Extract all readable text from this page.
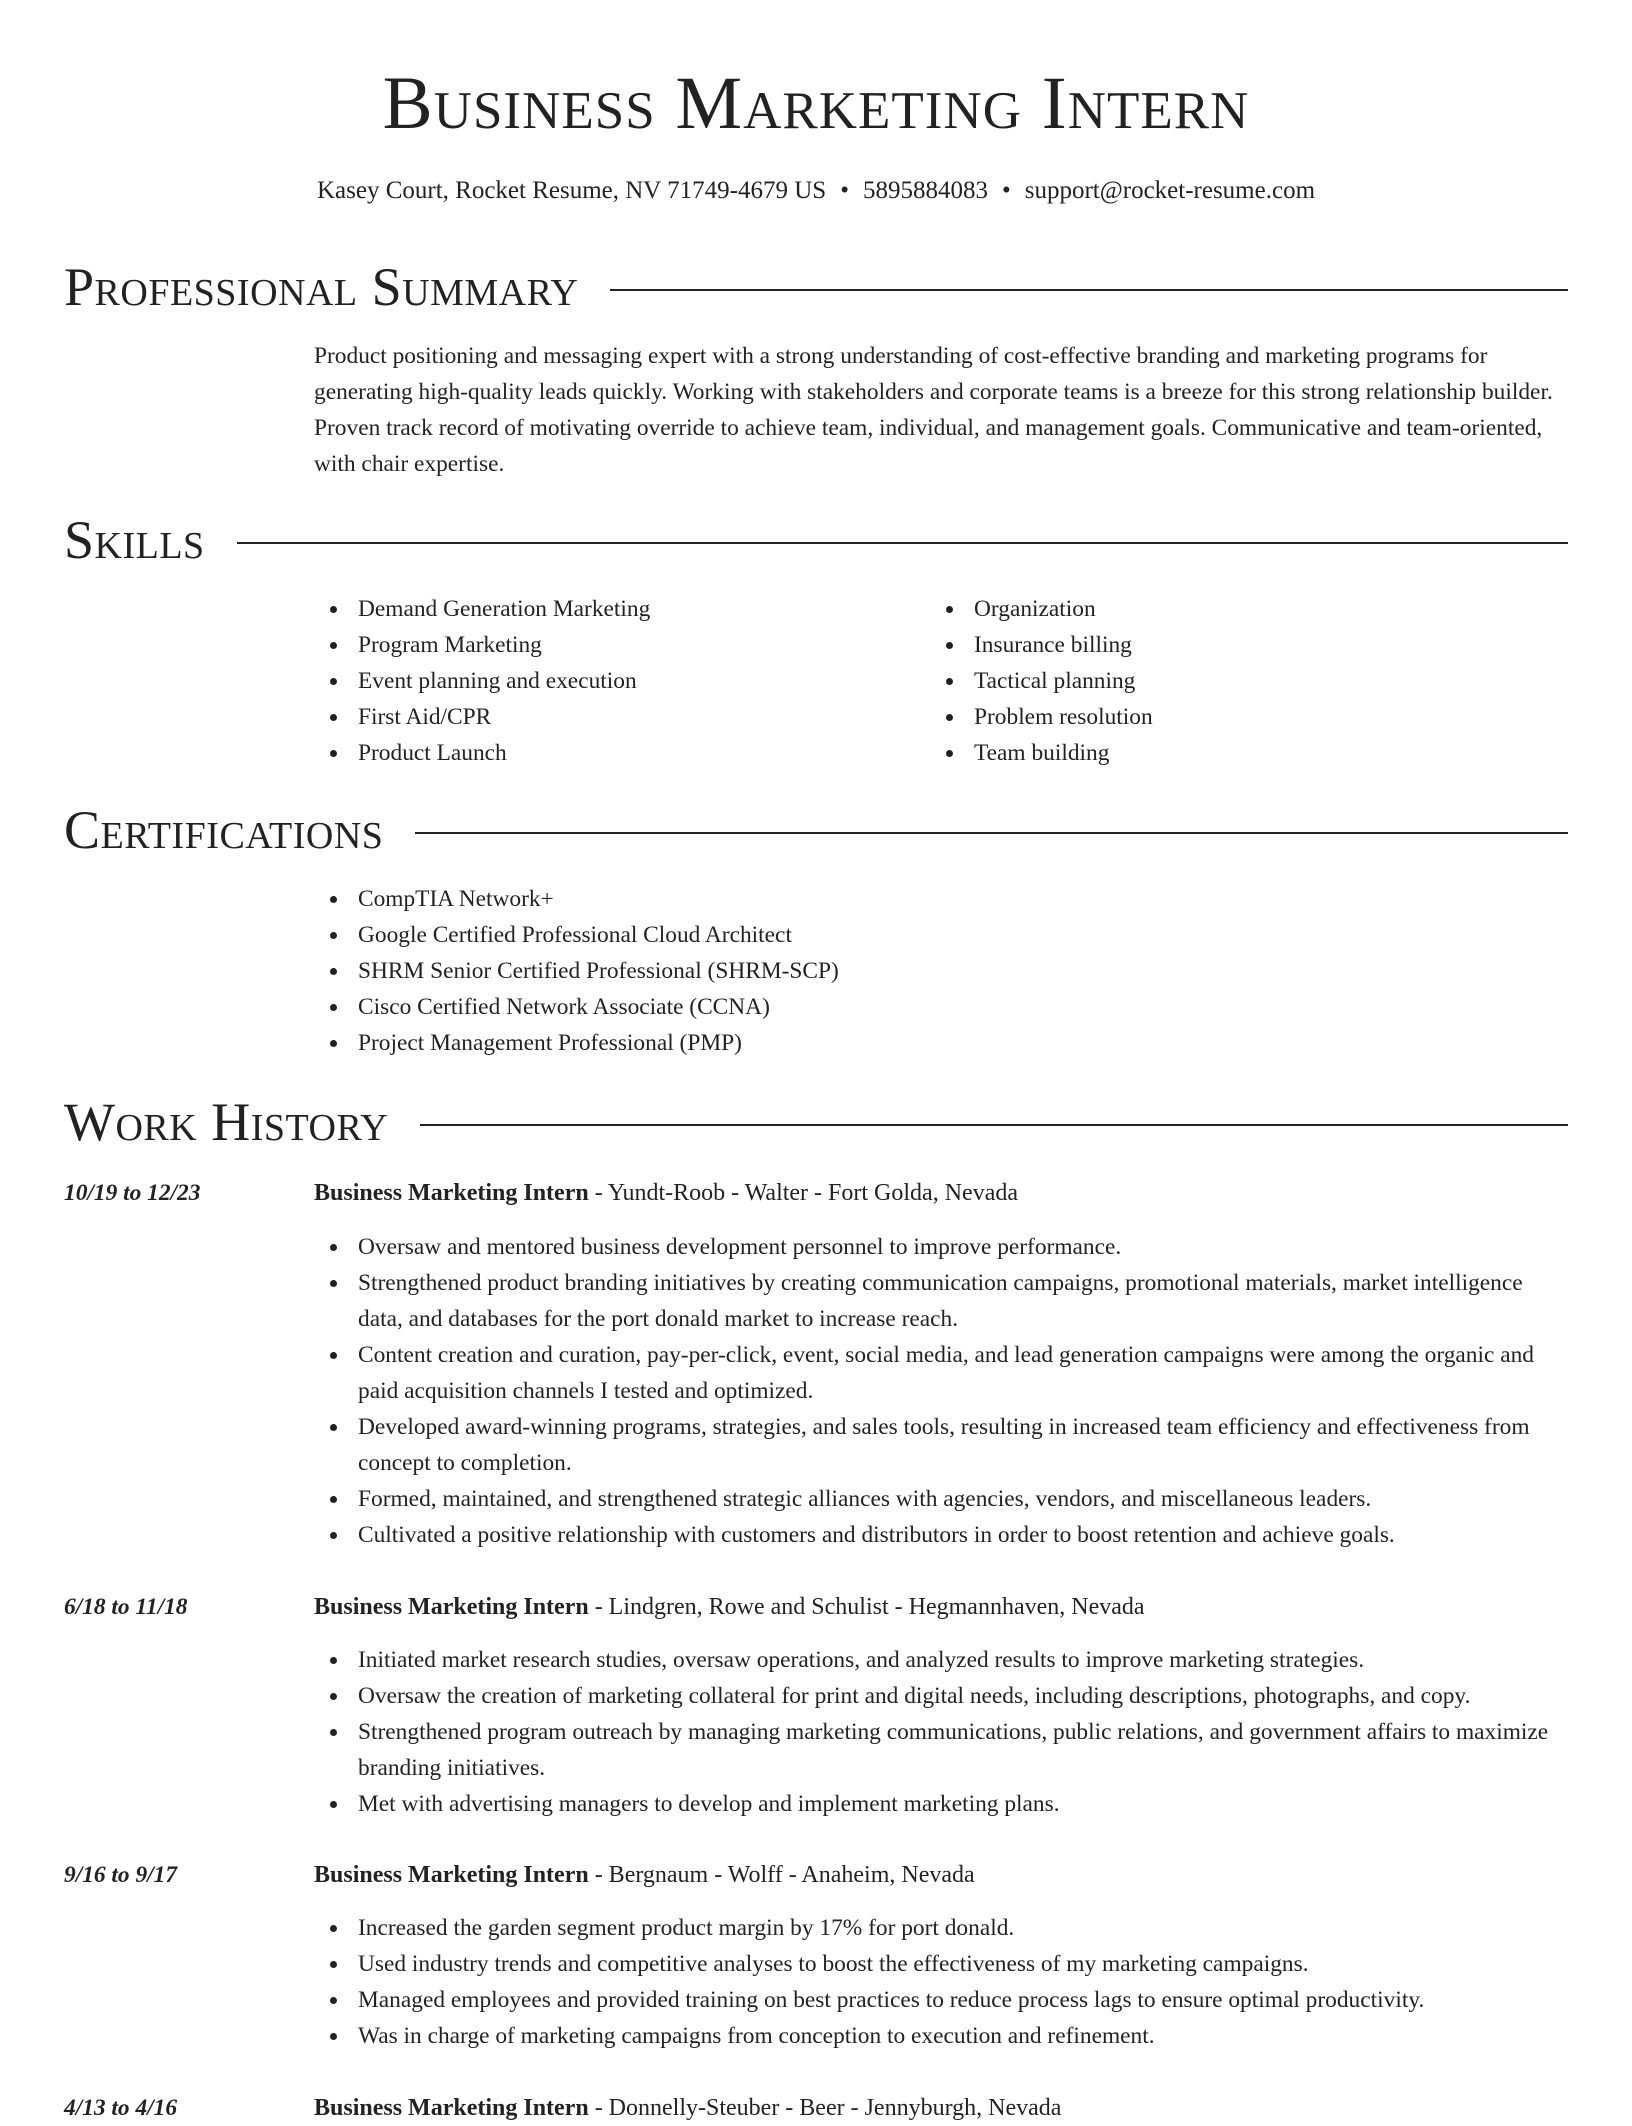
Business Marketing Intern
Kasey Court, Rocket Resume, NV 71749-4679 US • 5895884083 • support@rocket-resume.com
Professional Summary

Product positioning and messaging expert with a strong understanding of cost-effective branding and marketing programs for generating high-quality leads quickly. Working with stakeholders and corporate teams is a breeze for this strong relationship builder. Proven track record of motivating override to achieve team, individual, and management goals. Communicative and team-oriented, with chair expertise.

Skills
Demand Generation Marketing
Program Marketing
Event planning and execution
First Aid/CPR
Product Launch
Organization
Insurance billing
Tactical planning
Problem resolution
Team building
Certifications
CompTIA Network+
Google Certified Professional Cloud Architect
SHRM Senior Certified Professional (SHRM-SCP)
Cisco Certified Network Associate (CCNA)
Project Management Professional (PMP)
Work History
10/19 to 12/23	Business Marketing Intern - Yundt-Roob - Walter - Fort Golda, Nevada
Oversaw and mentored business development personnel to improve performance.
Strengthened product branding initiatives by creating communication campaigns, promotional materials, market intelligence data, and databases for the port donald market to increase reach.
Content creation and curation, pay-per-click, event, social media, and lead generation campaigns were among the organic and paid acquisition channels I tested and optimized.
Developed award-winning programs, strategies, and sales tools, resulting in increased team efficiency and effectiveness from concept to completion.
Formed, maintained, and strengthened strategic alliances with agencies, vendors, and miscellaneous leaders.
Cultivated a positive relationship with customers and distributors in order to boost retention and achieve goals.
6/18 to 11/18	Business Marketing Intern - Lindgren, Rowe and Schulist - Hegmannhaven, Nevada
Initiated market research studies, oversaw operations, and analyzed results to improve marketing strategies.
Oversaw the creation of marketing collateral for print and digital needs, including descriptions, photographs, and copy.
Strengthened program outreach by managing marketing communications, public relations, and government affairs to maximize branding initiatives.
Met with advertising managers to develop and implement marketing plans.
9/16 to 9/17	Business Marketing Intern - Bergnaum - Wolff - Anaheim, Nevada
Increased the garden segment product margin by 17% for port donald.
Used industry trends and competitive analyses to boost the effectiveness of my marketing campaigns.
Managed employees and provided training on best practices to reduce process lags to ensure optimal productivity.
Was in charge of marketing campaigns from conception to execution and refinement.
4/13 to 4/16	Business Marketing Intern - Donnelly-Steuber - Beer - Jennyburgh, Nevada
